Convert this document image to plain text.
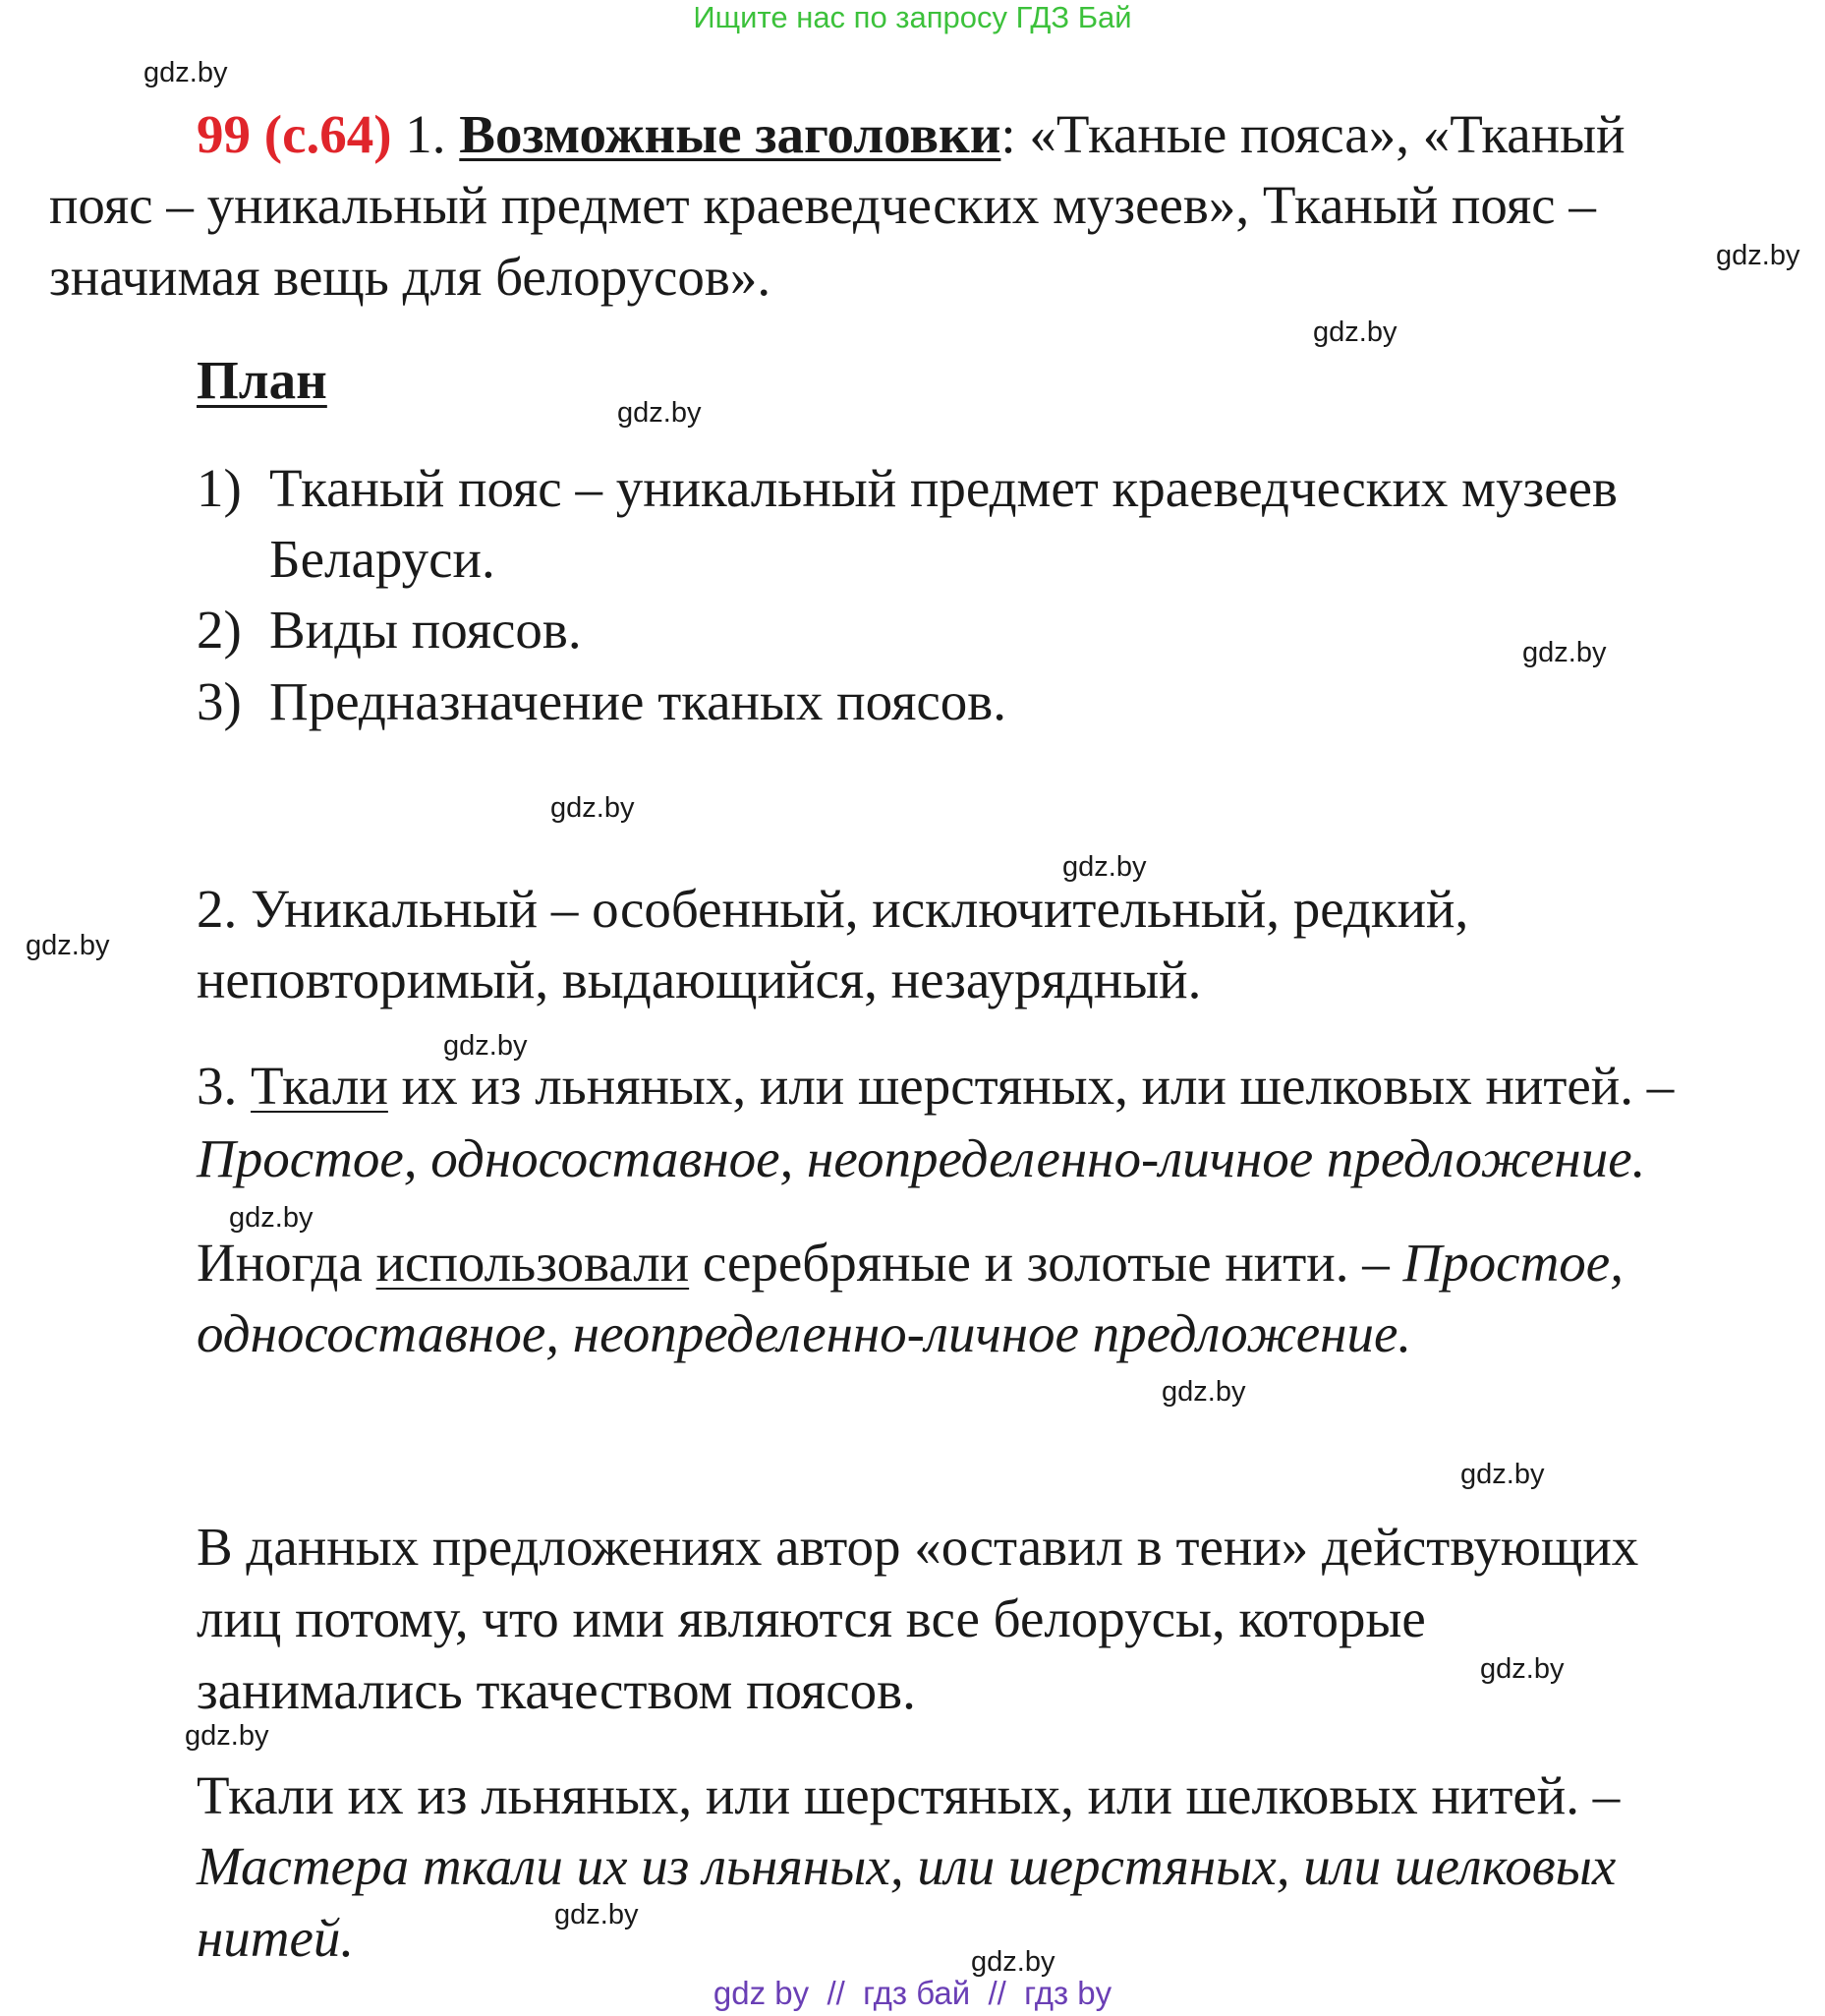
Ищите нас по запросу ГДЗ Бай
gdz.by
gdz.by
gdz.by
gdz.by
gdz.by
gdz.by
gdz.by
gdz.by
gdz.by
gdz.by
gdz.by
gdz.by
gdz.by
gdz.by
gdz.by
gdz.by

99 (с.64) 1. Возможные заголовки: «Тканые пояса», «Тканый

пояс – уникальный предмет краеведческих музеев», Тканый пояс –

значимая вещь для белорусов».

План

1) Тканый пояс – уникальный предмет краеведческих музеев

Беларуси.

2) Виды поясов.

3) Предназначение тканых поясов.

2. Уникальный – особенный, исключительный, редкий,

неповторимый, выдающийся, незаурядный.

3. Ткали их из льняных, или шерстяных, или шелковых нитей. –

Простое, односоставное, неопределенно-личное предложение.

Иногда использовали серебряные и золотые нити. – Простое,

односоставное, неопределенно-личное предложение.

В данных предложениях автор «оставил в тени» действующих

лиц потому, что ими являются все белорусы, которые

занимались ткачеством поясов.

Ткали их из льняных, или шерстяных, или шелковых нитей. –

Мастера ткали их из льняных, или шерстяных, или шелковых

нитей.

gdz by  //  гдз бай  //  гдз by
